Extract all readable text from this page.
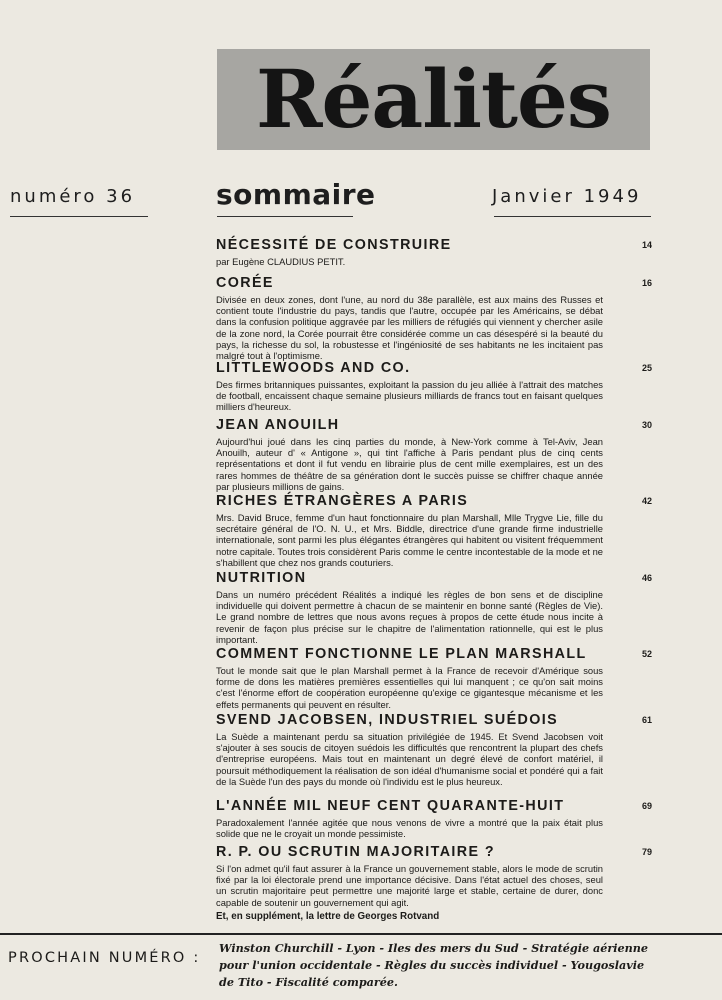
Réalités
numéro 36	sommaire	Janvier 1949
NÉCESSITÉ DE CONSTRUIRE	14
par Eugène CLAUDIUS PETIT.
CORÉE	16
Divisée en deux zones, dont l'une, au nord du 38e parallèle, est aux mains des Russes et contient toute l'industrie du pays, tandis que l'autre, occupée par les Américains, se débat dans la confusion politique aggravée par les milliers de réfugiés qui viennent y chercher asile de la zone nord, la Corée pourrait être considérée comme un cas désespéré si la beauté du pays, la richesse du sol, la robustesse et l'ingéniosité de ses habitants ne les incitaient pas malgré tout à l'optimisme.
LITTLEWOODS AND CO.	25
Des firmes britanniques puissantes, exploitant la passion du jeu alliée à l'attrait des matches de football, encaissent chaque semaine plusieurs milliards de francs tout en faisant quelques milliers d'heureux.
JEAN ANOUILH	30
Aujourd'hui joué dans les cinq parties du monde, à New-York comme à Tel-Aviv, Jean Anouilh, auteur d' « Antigone », qui tint l'affiche à Paris pendant plus de cinq cents représentations et dont il fut vendu en librairie plus de cent mille exemplaires, est un des rares hommes de théâtre de sa génération dont le succès puisse se chiffrer chaque année par plusieurs millions de gains.
RICHES ÉTRANGÈRES A PARIS	42
Mrs. David Bruce, femme d'un haut fonctionnaire du plan Marshall, Mlle Trygve Lie, fille du secrétaire général de l'O. N. U., et Mrs. Biddle, directrice d'une grande firme industrielle internationale, sont parmi les plus élégantes étrangères qui habitent ou visitent fréquemment notre capitale. Toutes trois considèrent Paris comme le centre incontestable de la mode et ne s'habillent que chez nos grands couturiers.
NUTRITION	46
Dans un numéro précédent Réalités a indiqué les règles de bon sens et de discipline individuelle qui doivent permettre à chacun de se maintenir en bonne santé (Règles de Vie). Le grand nombre de lettres que nous avons reçues à propos de cette étude nous incite à revenir de façon plus précise sur le chapitre de l'alimentation rationnelle, qui est le plus important.
COMMENT FONCTIONNE LE PLAN MARSHALL	52
Tout le monde sait que le plan Marshall permet à la France de recevoir d'Amérique sous forme de dons les matières premières essentielles qui lui manquent ; ce qu'on sait moins c'est l'énorme effort de coopération européenne qu'exige ce gigantesque mécanisme et les effets permanents qui peuvent en résulter.
SVEND JACOBSEN, INDUSTRIEL SUÉDOIS	61
La Suède a maintenant perdu sa situation privilégiée de 1945. Et Svend Jacobsen voit s'ajouter à ses soucis de citoyen suédois les difficultés que rencontrent la plupart des chefs d'entreprise européens. Mais tout en maintenant un degré élevé de confort matériel, il poursuit méthodiquement la réalisation de son idéal d'humanisme social et pondéré qui a fait de la Suède l'un des pays du monde où l'individu est le plus heureux.
L'ANNÉE MIL NEUF CENT QUARANTE-HUIT	69
Paradoxalement l'année agitée que nous venons de vivre a montré que la paix était plus solide que ne le croyait un monde pessimiste.
R. P. OU SCRUTIN MAJORITAIRE ?	79
Si l'on admet qu'il faut assurer à la France un gouvernement stable, alors le mode de scrutin fixé par la loi électorale prend une importance décisive. Dans l'état actuel des choses, seul un scrutin majoritaire peut permettre une majorité large et stable, certaine de durer, donc capable de soutenir un gouvernement qui agit.
Et, en supplément, la lettre de Georges Rotvand
PROCHAIN NUMÉRO :
Winston Churchill - Lyon - Iles des mers du Sud - Stratégie aérienne pour l'union occidentale - Règles du succès individuel - Yougoslavie de Tito - Fiscalité comparée.
